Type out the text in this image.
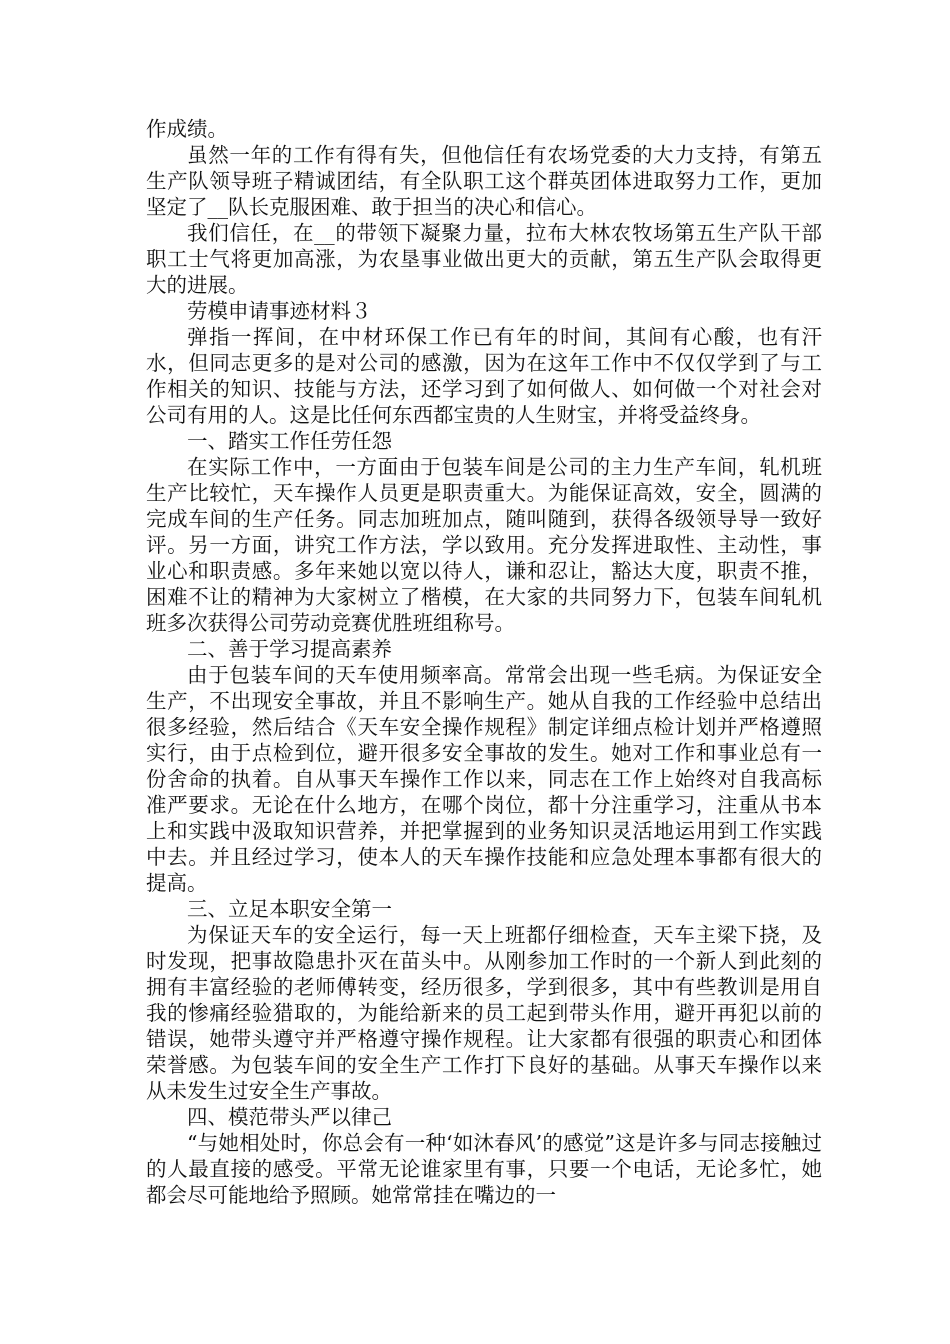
作成绩。

虽然一年的工作有得有失，但他信任有农场党委的大力支持，有第五生产队领导班子精诚团结，有全队职工这个群英团体进取努力工作，更加坚定了__队长克服困难、敢于担当的决心和信心。

我们信任，在__的带领下凝聚力量，拉布大林农牧场第五生产队干部职工士气将更加高涨，为农垦事业做出更大的贡献，第五生产队会取得更大的进展。

劳模申请事迹材料３

弹指一挥间，在中材环保工作已有年的时间，其间有心酸，也有汗水，但同志更多的是对公司的感激，因为在这年工作中不仅仅学到了与工作相关的知识、技能与方法，还学习到了如何做人、如何做一个对社会对公司有用的人。这是比任何东西都宝贵的人生财宝，并将受益终身。

一、踏实工作任劳任怨

在实际工作中，一方面由于包装车间是公司的主力生产车间，轧机班生产比较忙，天车操作人员更是职责重大。为能保证高效，安全，圆满的完成车间的生产任务。同志加班加点，随叫随到，获得各级领导导一致好评。另一方面，讲究工作方法，学以致用。充分发挥进取性、主动性，事业心和职责感。多年来她以宽以待人，谦和忍让，豁达大度，职责不推，困难不让的精神为大家树立了楷模，在大家的共同努力下，包装车间轧机班多次获得公司劳动竞赛优胜班组称号。

二、善于学习提高素养

由于包装车间的天车使用频率高。常常会出现一些毛病。为保证安全生产，不出现安全事故，并且不影响生产。她从自我的工作经验中总结出很多经验，然后结合《天车安全操作规程》制定详细点检计划并严格遵照实行，由于点检到位，避开很多安全事故的发生。她对工作和事业总有一份舍命的执着。自从事天车操作工作以来，同志在工作上始终对自我高标准严要求。无论在什么地方，在哪个岗位，都十分注重学习，注重从书本上和实践中汲取知识营养，并把掌握到的业务知识灵活地运用到工作实践中去。并且经过学习，使本人的天车操作技能和应急处理本事都有很大的提高。

三、立足本职安全第一

为保证天车的安全运行，每一天上班都仔细检查，天车主梁下挠，及时发现，把事故隐患扑灭在苗头中。从刚参加工作时的一个新人到此刻的拥有丰富经验的老师傅转变，经历很多，学到很多，其中有些教训是用自我的惨痛经验猎取的，为能给新来的员工起到带头作用，避开再犯以前的错误，她带头遵守并严格遵守操作规程。让大家都有很强的职责心和团体荣誉感。为包装车间的安全生产工作打下良好的基础。从事天车操作以来从未发生过安全生产事故。

四、模范带头严以律己

“与她相处时，你总会有一种‘如沐春风’的感觉”这是许多与同志接触过的人最直接的感受。平常无论谁家里有事，只要一个电话，无论多忙，她都会尽可能地给予照顾。她常常挂在嘴边的一
